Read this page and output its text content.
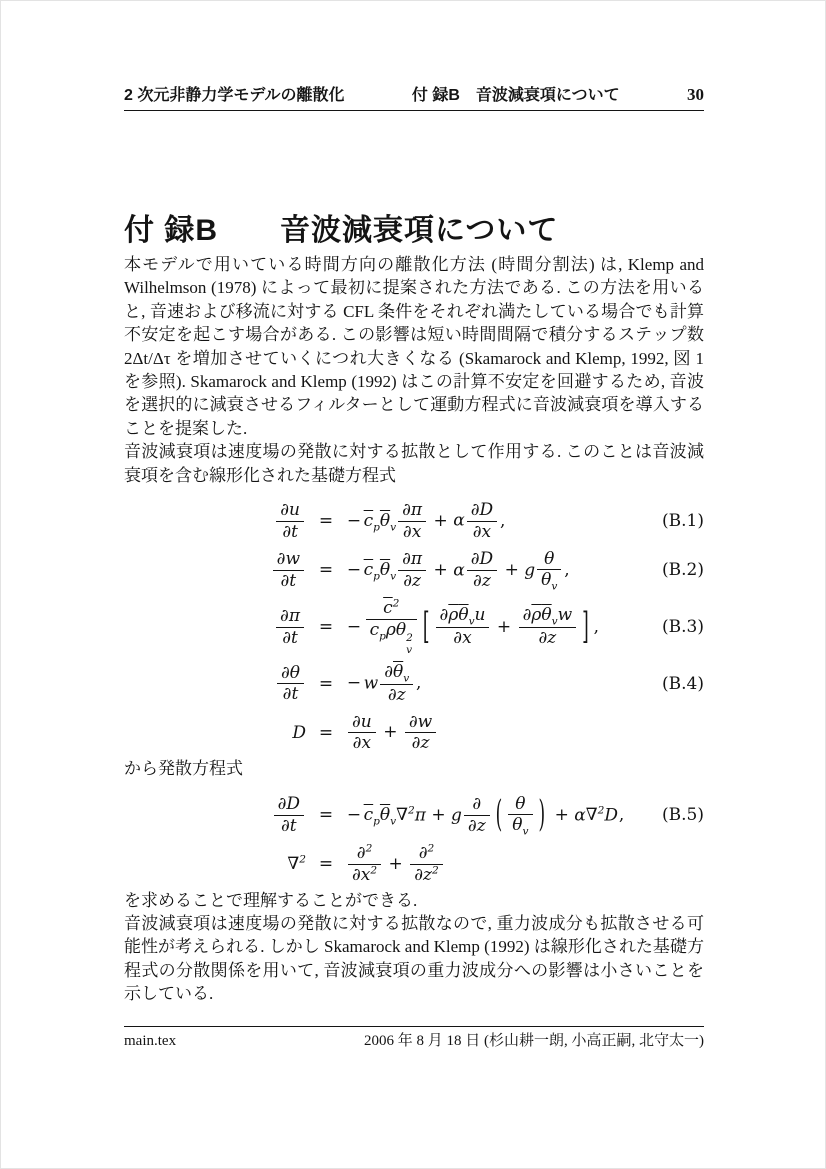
2 次元非静力学モデルの離散化	付 録B　音波減衰項について	30
付 録B　　音波減衰項について

本モデルで用いている時間方向の離散化方法 (時間分割法) は, Klemp and Wilhelmson (1978) によって最初に提案された方法である. この方法を用いると, 音速および移流に対する CFL 条件をそれぞれ満たしている場合でも計算不安定を起こす場合がある. この影響は短い時間間隔で積分するステップ数 2Δt/Δτ を増加させていくにつれ大きくなる (Skamarock and Klemp, 1992, 図 1 を参照). Skamarock and Klemp (1992) はこの計算不安定を回避するため, 音波を選択的に減衰させるフィルターとして運動方程式に音波減衰項を導入することを提案した.

音波減衰項は速度場の発散に対する拡散として作用する. このことは音波減衰項を含む線形化された基礎方程式

$\frac{\partial u}{\partial t}$ = − $\overline{c}_p\overline{\theta}_v \frac{\partial\pi}{\partial x} + \alpha \frac{\partial D}{\partial x}$ ,	(B.1)
$\frac{\partial w}{\partial t}$ = − $\overline{c}_p\overline{\theta}_v \frac{\partial\pi}{\partial z} + \alpha \frac{\partial D}{\partial z} + g \frac{\theta}{\overline{\theta}_v}$ ,	(B.2)
$\frac{\partial\pi}{\partial t}$ = −
$\overline{c}^2$
$\overline{c}_p\overline{\rho}\overline{\theta}$ 2
v
[ $\partial\overline{\rho}\overline{\theta}_vu$
∂x
+
$\partial\overline{\rho}\overline{\theta}_vw$
∂z	] ,	(B.3)
$\frac{\partial\theta}{\partial t}$ = − w $\frac{\partial\overline{\theta}_v}{\partial z}$ ,	(B.4)
$D = \frac{\partial u}{\partial x} + \frac{\partial w}{\partial z}$

から発散方程式

$\frac{\partial D}{\partial t}$ = − $\overline{c}_p\overline{\theta}_v\nabla^2\pi + g$
∂
∂z ( $\frac{\theta}{\overline{\theta}_v}$ ) + α∇$^2$D, (B.5)
$\nabla^2 = \frac{\partial^2}{\partial x^2} + \frac{\partial^2}{\partial z^2}$

を求めることで理解することができる.

音波減衰項は速度場の発散に対する拡散なので, 重力波成分も拡散させる可能性が考えられる. しかし Skamarock and Klemp (1992) は線形化された基礎方程式の分散関係を用いて, 音波減衰項の重力波成分への影響は小さいことを示している.

main.tex	2006 年 8 月 18 日 (杉山耕一朗, 小高正嗣, 北守太一)
